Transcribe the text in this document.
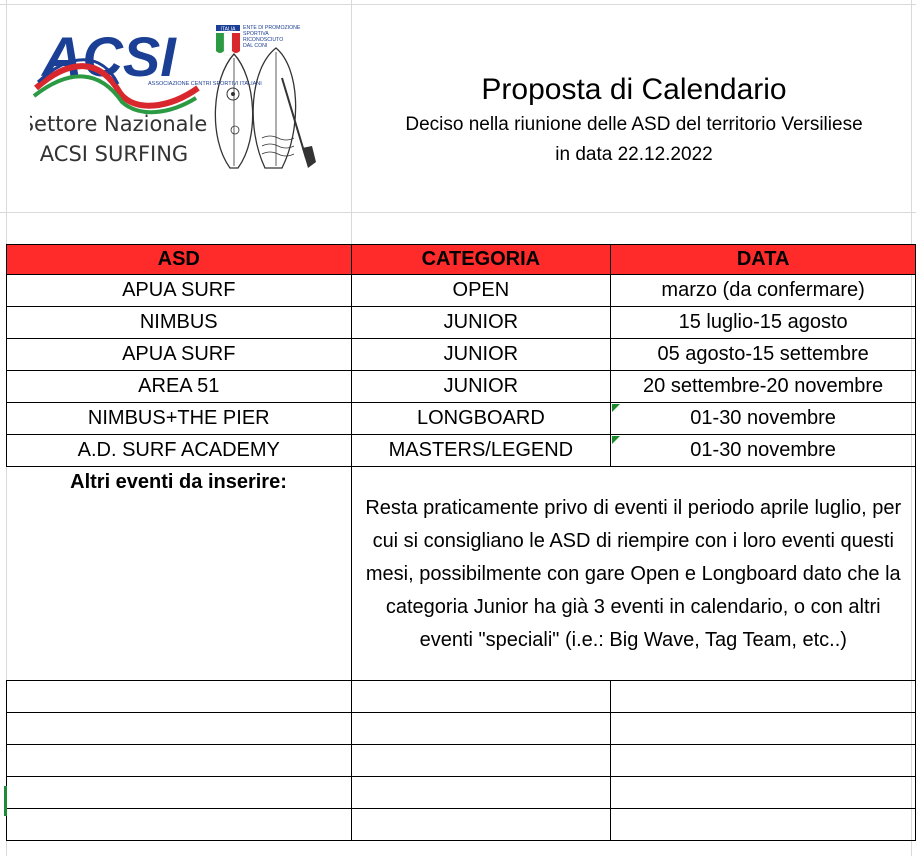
ACSI
ASSOCIAZIONE CENTRI SPORTIVI ITALIANI
ITALIA ENTE DI PROMOZIONE SPORTIVA RICONOSCIUTO DAL CONI
Settore Nazionale
ACSI SURFING
Proposta di Calendario
Deciso nella riunione delle ASD del territorio Versiliese
in data 22.12.2022
ASD	CATEGORIA	DATA
APUA SURF	OPEN	marzo (da confermare)
NIMBUS	JUNIOR	15 luglio-15 agosto
APUA SURF	JUNIOR	05 agosto-15 settembre
AREA 51	JUNIOR	20 settembre-20 novembre
NIMBUS+THE PIER	LONGBOARD	01-30 novembre
A.D. SURF ACADEMY	MASTERS/LEGEND	01-30 novembre
Altri eventi da inserire:	Resta praticamente privo di eventi il periodo aprile luglio, per cui si consigliano le ASD di riempire con i loro eventi questi mesi, possibilmente con gare Open e Longboard dato che la categoria Junior ha già 3 eventi in calendario, o con altri eventi "speciali" (i.e.: Big Wave, Tag Team, etc..)	
